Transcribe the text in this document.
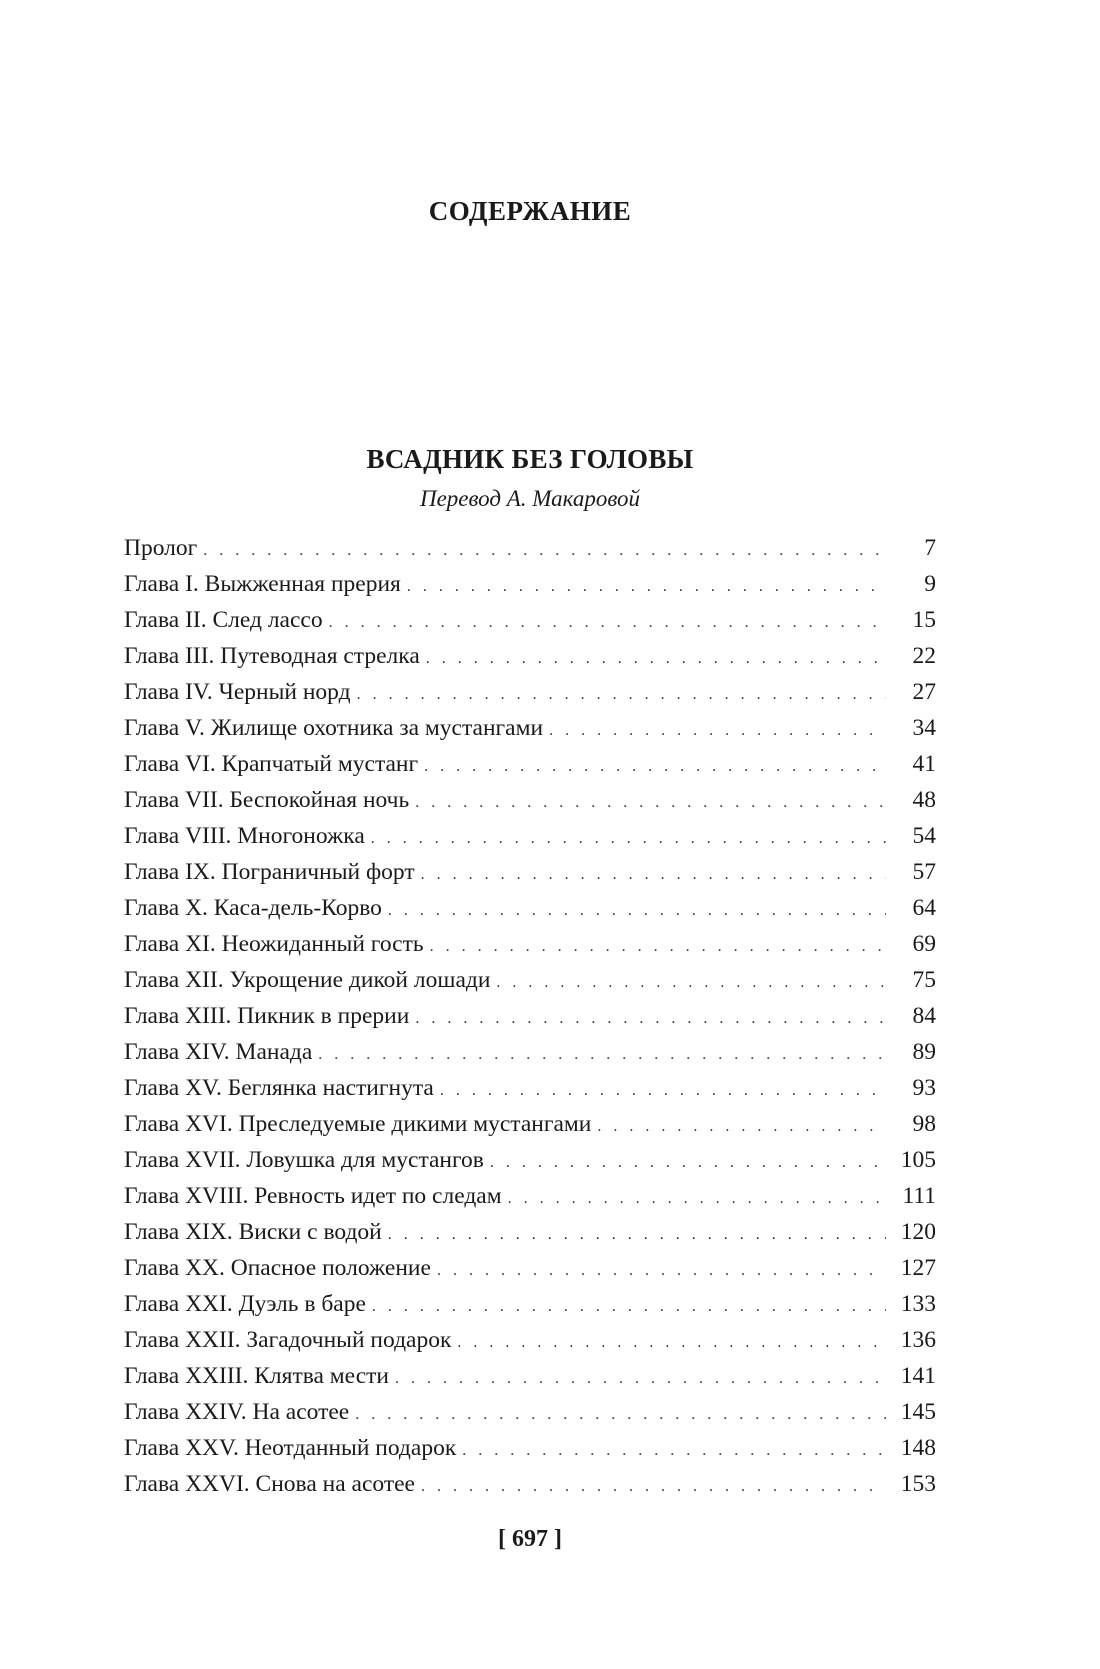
СОДЕРЖАНИЕ
ВСАДНИК БЕЗ ГОЛОВЫ
Перевод А. Макаровой
Пролог . . .	7
Глава I. Выжженная прерия . . .	9
Глава II. След лассо . . .	15
Глава III. Путеводная стрелка . . .	22
Глава IV. Черный норд . . .	27
Глава V. Жилище охотника за мустангами . . .	34
Глава VI. Крапчатый мустанг . . .	41
Глава VII. Беспокойная ночь . . .	48
Глава VIII. Многоножка . . .	54
Глава IX. Пограничный форт . . .	57
Глава X. Каса-дель-Корво . . .	64
Глава XI. Неожиданный гость . . .	69
Глава XII. Укрощение дикой лошади . . .	75
Глава XIII. Пикник в прерии . . .	84
Глава XIV. Манада . . .	89
Глава XV. Беглянка настигнута . . .	93
Глава XVI. Преследуемые дикими мустангами . . .	98
Глава XVII. Ловушка для мустангов . . .	105
Глава XVIII. Ревность идет по следам . . .	111
Глава XIX. Виски с водой . . .	120
Глава XX. Опасное положение . . .	127
Глава XXI. Дуэль в баре . . .	133
Глава XXII. Загадочный подарок . . .	136
Глава XXIII. Клятва мести . . .	141
Глава XXIV. На асотее . . .	145
Глава XXV. Неотданный подарок . . .	148
Глава XXVI. Снова на асотее . . .	153
[ 697 ]
